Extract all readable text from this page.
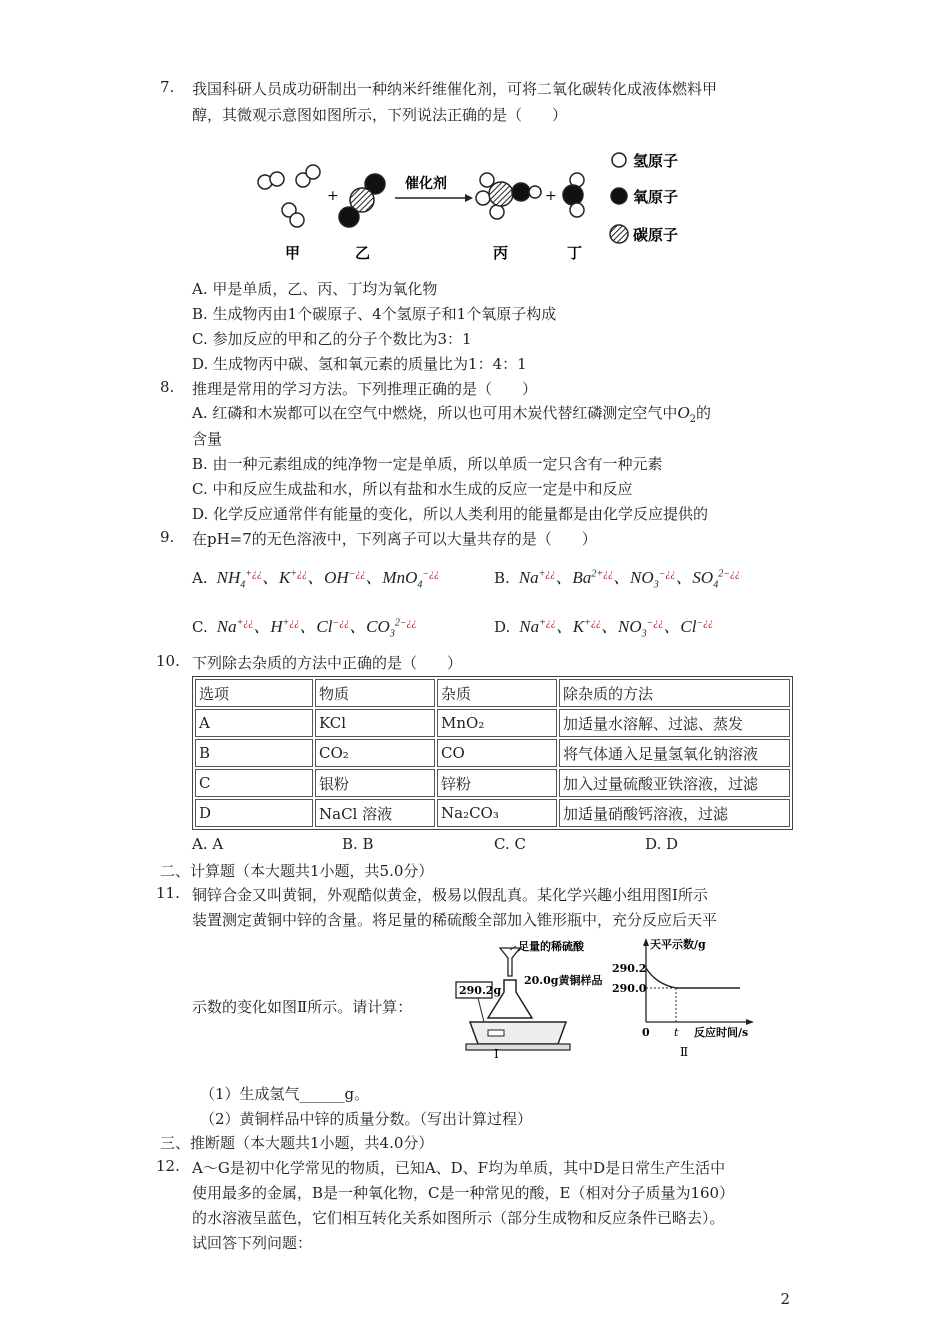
7. 我国科研人员成功研制出一种纳米纤维催化剂，可将二氧化碳转化成液体燃料甲
醇，其微观示意图如图所示，下列说法正确的是（　　）
+
催化剂
+
甲	乙	丙	丁
氢原子
氧原子
碳原子
A. 甲是单质，乙、丙、丁均为氧化物
B. 生成物丙由1个碳原子、4个氢原子和1个氧原子构成
C. 参加反应的甲和乙的分子个数比为3：1
D. 生成物丙中碳、氢和氧元素的质量比为1：4：1
8. 推理是常用的学习方法。下列推理正确的是（　　）
A. 红磷和木炭都可以在空气中燃烧，所以也可用木炭代替红磷测定空气中$O_2$的
含量
B. 由一种元素组成的纯净物一定是单质，所以单质一定只含有一种元素
C. 中和反应生成盐和水，所以有盐和水生成的反应一定是中和反应
D. 化学反应通常伴有能量的变化，所以人类利用的能量都是由化学反应提供的
9. 在pH=7的无色溶液中，下列离子可以大量共存的是（　　）
A.  $NH_4^{+¿¿}$、K+¿¿、OH−¿¿、MnO$_4$−¿¿	B.  Na+¿¿、$Ba^{2+¿¿}$、$NO_3^{-¿¿}$、$SO_4^{2-¿¿}$
C.  Na+¿¿、H+¿¿、Cl−¿¿、$CO_3^{2-¿¿}$	D.  Na+¿¿、K+¿¿、$NO_3^{-¿¿}$、Cl−¿¿
10. 下列除去杂质的方法中正确的是（　　）
选项	物质	杂质	除杂质的方法
A	KCl	MnO₂	加适量水溶解、过滤、蒸发
B	CO₂	CO	将气体通入足量氢氧化钠溶液
C	银粉	锌粉	加入过量硫酸亚铁溶液，过滤
D	NaCl 溶液	Na₂CO₃	加适量硝酸钙溶液，过滤
A. A	B. B	C. C	D. D
二、计算题（本大题共1小题，共5.0分）
11. 铜锌合金又叫黄铜，外观酷似黄金，极易以假乱真。某化学兴趣小组用图Ⅰ所示
装置测定黄铜中锌的含量。将足量的稀硫酸全部加入锥形瓶中，充分反应后天平
示数的变化如图Ⅱ所示。请计算：
足量的稀硫酸
20.0g黄铜样品
290.2g
Ⅰ
天平示数/g
290.2
290.0
0 t 反应时间/s
Ⅱ
（1）生成氢气______g。
（2）黄铜样品中锌的质量分数。（写出计算过程）
三、推断题（本大题共1小题，共4.0分）
12. A～G是初中化学常见的物质，已知A、D、F均为单质，其中D是日常生产生活中
使用最多的金属，B是一种氧化物，C是一种常见的酸，E（相对分子质量为160）
的水溶液呈蓝色，它们相互转化关系如图所示（部分生成物和反应条件已略去）。
试回答下列问题：
2
